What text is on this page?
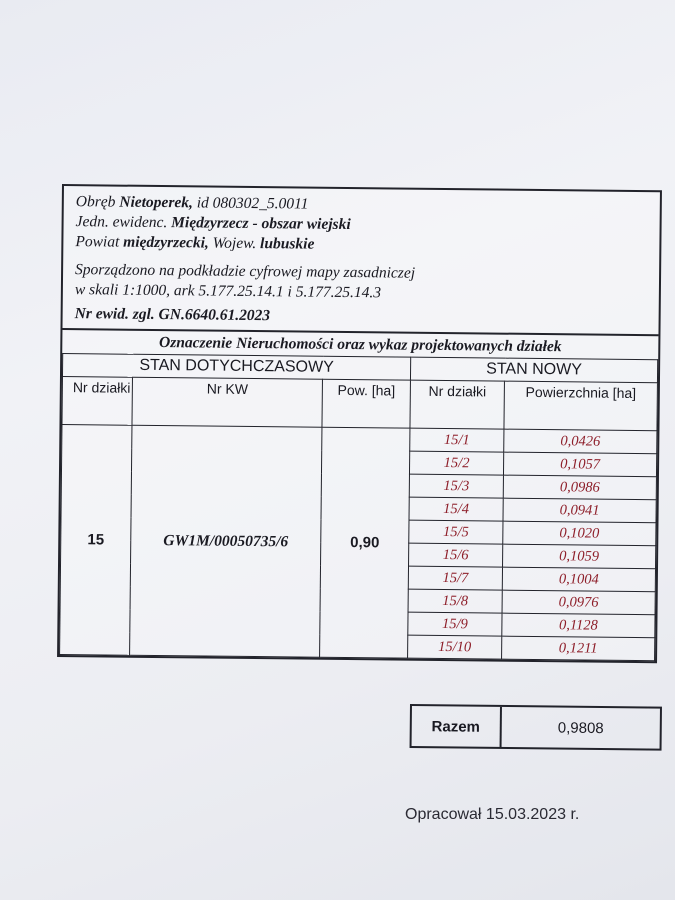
Obręb Nietoperek, id 080302_5.0011
Jedn. ewidenc. Międzyrzecz - obszar wiejski
Powiat międzyrzecki, Wojew. lubuskie
Sporządzono na podkładzie cyfrowej mapy zasadniczej
w skali 1:1000, ark 5.177.25.14.1 i 5.177.25.14.3
Nr ewid. zgl. GN.6640.61.2023
Oznaczenie Nieruchomości oraz wykaz projektowanych działek
STAN DOTYCHCZASOWY			STAN NOWY	
Nr działki	Nr KW	Pow. [ha]	Nr działki	Powierzchnia [ha]
15	GW1M/00050735/6	0,90	15/1	0,0426
			15/2	0,1057
			15/3	0,0986
			15/4	0,0941
			15/5	0,1020
			15/6	0,1059
			15/7	0,1004
			15/8	0,0976
			15/9	0,1128
			15/10	0,1211
Razem	0,9808
Opracował 15.03.2023 r.
